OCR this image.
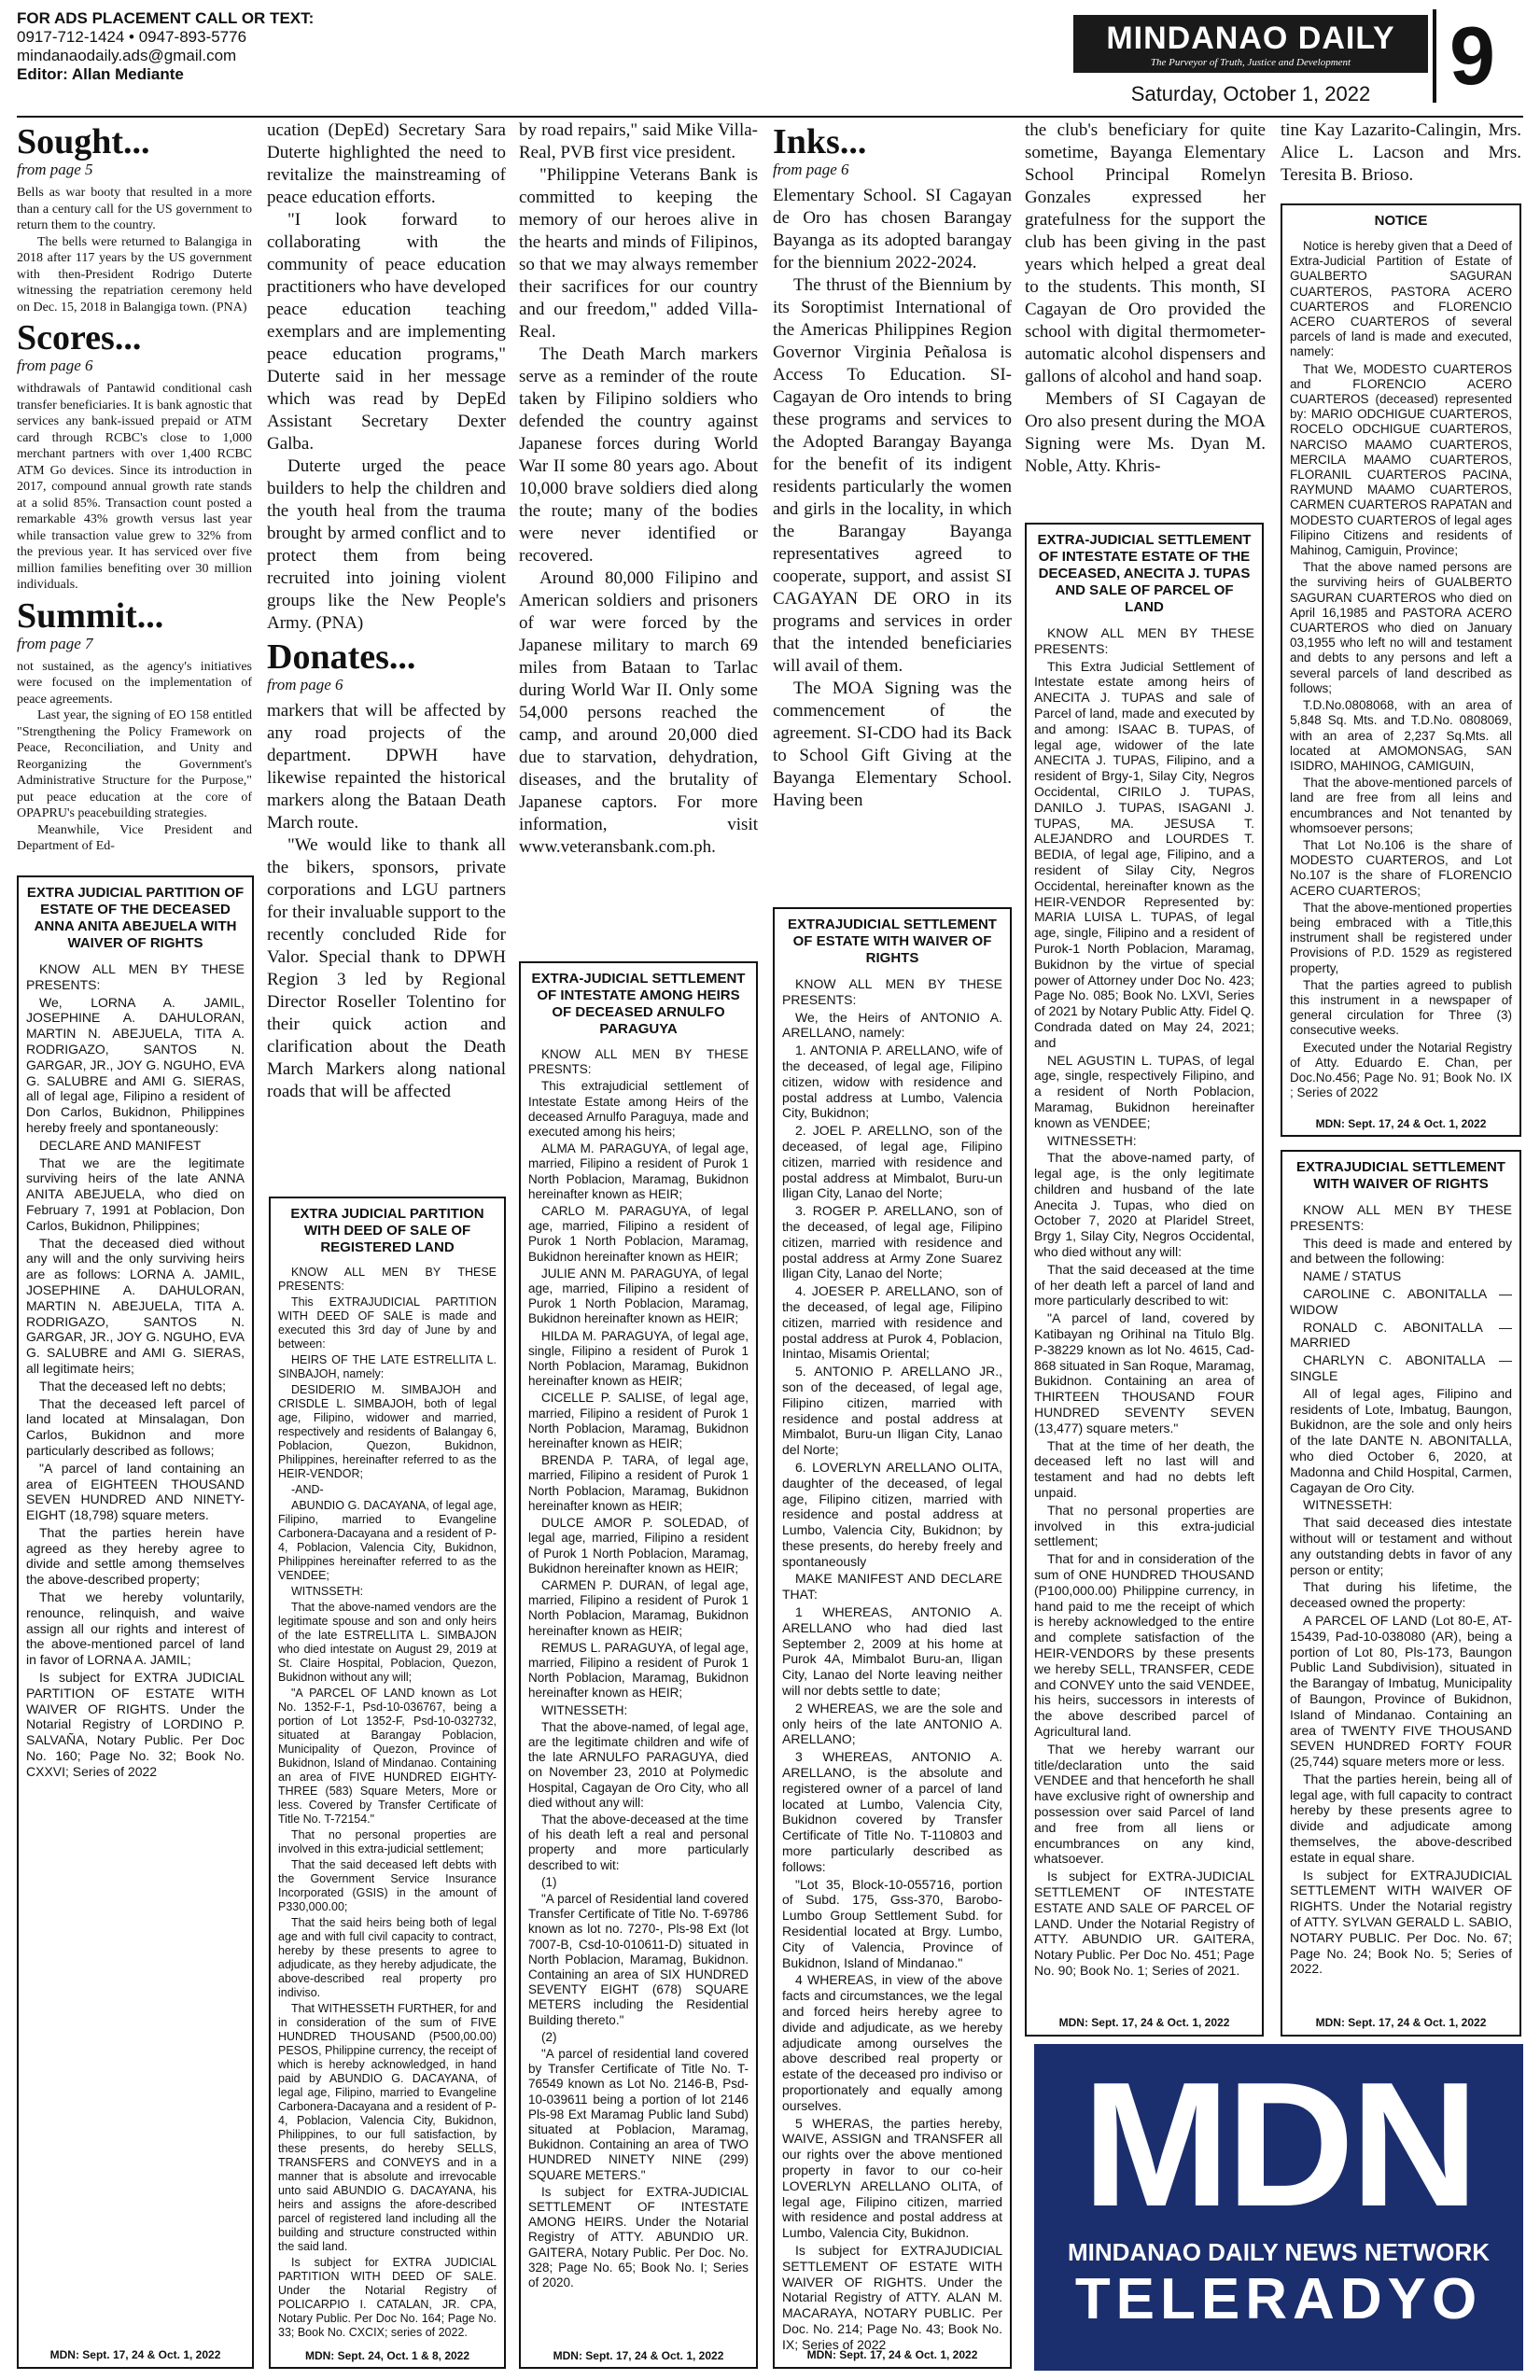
FOR ADS PLACEMENT CALL OR TEXT:
0917-712-1424 • 0947-893-5776
mindanaodaily.ads@gmail.com
Editor: Allan Mediante
MINDANAO DAILY
The Purveyor of Truth, Justice and Development
Saturday, October 1, 2022 9
Sought...
from page 5

Bells as war booty that resulted in a more than a century call for the US government to return them to the country.

The bells were returned to Balangiga in 2018 after 117 years by the US government with then-President Rodrigo Duterte witnessing the repatriation ceremony held on Dec. 15, 2018 in Balangiga town. (PNA)

Scores...
from page 6

withdrawals of Pantawid conditional cash transfer beneficiaries. It is bank agnostic that services any bank-issued prepaid or ATM card through RCBC's close to 1,000 merchant partners with over 1,400 RCBC ATM Go devices. Since its introduction in 2017, compound annual growth rate stands at a solid 85%. Transaction count posted a remarkable 43% growth versus last year while transaction value grew to 32% from the previous year. It has serviced over five million families benefiting over 30 million individuals.

Summit...
from page 7

not sustained, as the agency's initiatives were focused on the implementation of peace agreements.

Last year, the signing of EO 158 entitled "Strengthening the Policy Framework on Peace, Reconciliation, and Unity and Reorganizing the Government's Administrative Structure for the Purpose," put peace education at the core of OPAPRU's peacebuilding strategies.

Meanwhile, Vice President and Department of Ed-

ucation (DepEd) Secretary Sara Duterte highlighted the need to revitalize the mainstreaming of peace education efforts.

"I look forward to collaborating with the community of peace education practitioners who have developed peace education teaching exemplars and are implementing peace education programs," Duterte said in her message which was read by DepEd Assistant Secretary Dexter Galba.

Duterte urged the peace builders to help the children and the youth heal from the trauma brought by armed conflict and to protect them from being recruited into joining violent groups like the New People's Army. (PNA)

Donates...
from page 6

markers that will be affected by any road projects of the department. DPWH have likewise repainted the historical markers along the Bataan Death March route.

"We would like to thank all the bikers, sponsors, private corporations and LGU partners for their invaluable support to the recently concluded Ride for Valor. Special thank to DPWH Region 3 led by Regional Director Roseller Tolentino for their quick action and clarification about the Death March Markers along national roads that will be affected

by road repairs," said Mike Villa-Real, PVB first vice president.

"Philippine Veterans Bank is committed to keeping the memory of our heroes alive in the hearts and minds of Filipinos, so that we may always remember their sacrifices for our country and our freedom," added Villa-Real.

The Death March markers serve as a reminder of the route taken by Filipino soldiers who defended the country against Japanese forces during World War II some 80 years ago. About 10,000 brave soldiers died along the route; many of the bodies were never identified or recovered.

Around 80,000 Filipino and American soldiers and prisoners of war were forced by the Japanese military to march 69 miles from Bataan to Tarlac during World War II. Only some 54,000 persons reached the camp, and around 20,000 died due to starvation, dehydration, diseases, and the brutality of Japanese captors. For more information, visit www.veteransbank.com.ph.

Inks...
from page 6

Elementary School. SI Cagayan de Oro has chosen Barangay Bayanga as its adopted barangay for the biennium 2022-2024.

The thrust of the Biennium by its Soroptimist International of the Americas Philippines Region Governor Virginia Peñalosa is Access To Education. SI-Cagayan de Oro intends to bring these programs and services to the Adopted Barangay Bayanga for the benefit of its indigent residents particularly the women and girls in the locality, in which the Barangay Bayanga representatives agreed to cooperate, support, and assist SI CAGAYAN DE ORO in its programs and services in order that the intended beneficiaries will avail of them.

The MOA Signing was the commencement of the agreement. SI-CDO had its Back to School Gift Giving at the Bayanga Elementary School. Having been

the club's beneficiary for quite sometime, Bayanga Elementary School Principal Romelyn Gonzales expressed her gratefulness for the support the club has been giving in the past years which helped a great deal to the students. This month, SI Cagayan de Oro provided the school with digital thermometer-automatic alcohol dispensers and gallons of alcohol and hand soap.

Members of SI Cagayan de Oro also present during the MOA Signing were Ms. Dyan M. Noble, Atty. Khris-

tine Kay Lazarito-Calingin, Mrs. Alice L. Lacson and Mrs. Teresita B. Brioso.

EXTRA JUDICIAL PARTITION OF ESTATE OF THE DECEASED ANNA ANITA ABEJUELA WITH WAIVER OF RIGHTS

KNOW ALL MEN BY THESE PRESENTS:

We, LORNA A. JAMIL, JOSEPHINE A. DAHULORAN, MARTIN N. ABEJUELA, TITA A. RODRIGAZO, SANTOS N. GARGAR, JR., JOY G. NGUHO, EVA G. SALUBRE and AMI G. SIERAS, all of legal age, Filipino a resident of Don Carlos, Bukidnon, Philippines hereby freely and spontaneously:

DECLARE AND MANIFEST

That we are the legitimate surviving heirs of the late ANNA ANITA ABEJUELA, who died on February 7, 1991 at Poblacion, Don Carlos, Bukidnon, Philippines;

That the deceased died without any will and the only surviving heirs are as follows: LORNA A. JAMIL, JOSEPHINE A. DAHULORAN, MARTIN N. ABEJUELA, TITA A. RODRIGAZO, SANTOS N. GARGAR, JR., JOY G. NGUHO, EVA G. SALUBRE and AMI G. SIERAS, all legitimate heirs;

That the deceased left no debts;

That the deceased left parcel of land located at Minsalagan, Don Carlos, Bukidnon and more particularly described as follows;

"A parcel of land containing an area of EIGHTEEN THOUSAND SEVEN HUNDRED AND NINETY-EIGHT (18,798) square meters.

That the parties herein have agreed as they hereby agree to divide and settle among themselves the above-described property;

That we hereby voluntarily, renounce, relinquish, and waive assign all our rights and interest of the above-mentioned parcel of land in favor of LORNA A. JAMIL;

Is subject for EXTRA JUDICIAL PARTITION OF ESTATE WITH WAIVER OF RIGHTS. Under the Notarial Registry of LORDINO P. SALVAÑA, Notary Public. Per Doc No. 160; Page No. 32; Book No. CXXVI; Series of 2022

MDN: Sept. 17, 24 & Oct. 1, 2022
EXTRA JUDICIAL PARTITION WITH DEED OF SALE OF REGISTERED LAND

KNOW ALL MEN BY THESE PRESENTS:

This EXTRAJUDICIAL PARTITION WITH DEED OF SALE is made and executed this 3rd day of June by and between:

HEIRS OF THE LATE ESTRELLITA L. SINBAJOH, namely:

DESIDERIO M. SIMBAJOH and CRISDLE L. SIMBAJOH, both of legal age, Filipino, widower and married, respectively and residents of Balangay 6, Poblacion, Quezon, Bukidnon, Philippines, hereinafter referred to as the HEIR-VENDOR;

-AND-

ABUNDIO G. DACAYANA, of legal age, Filipino, married to Evangeline Carbonera-Dacayana and a resident of P-4, Poblacion, Valencia City, Bukidnon, Philippines hereinafter referred to as the VENDEE;

WITNSSETH:

That the above-named vendors are the legitimate spouse and son and only heirs of the late ESTRELLITA L. SIMBAJON who died intestate on August 29, 2019 at St. Claire Hospital, Poblacion, Quezon, Bukidnon without any will;

"A PARCEL OF LAND known as Lot No. 1352-F-1, Psd-10-036767, being a portion of Lot 1352-F, Psd-10-032732, situated at Barangay Poblacion, Municipality of Quezon, Province of Bukidnon, Island of Mindanao. Containing an area of FIVE HUNDRED EIGHTY-THREE (583) Square Meters, More or less. Covered by Transfer Certificate of Title No. T-72154."

That no personal properties are involved in this extra-judicial settlement;

That the said deceased left debts with the Government Service Insurance Incorporated (GSIS) in the amount of P330,000.00;

That the said heirs being both of legal age and with full civil capacity to contract, hereby by these presents to agree to adjudicate, as they hereby adjudicate, the above-described real property pro indiviso.

That WITHESSETH FURTHER, for and in consideration of the sum of FIVE HUNDRED THOUSAND (P500,00.00) PESOS, Philippine currency, the receipt of which is hereby acknowledged, in hand paid by ABUNDIO G. DACAYANA, of legal age, Filipino, married to Evangeline Carbonera-Dacayana and a resident of P-4, Poblacion, Valencia City, Bukidnon, Philippines, to our full satisfaction, by these presents, do hereby SELLS, TRANSFERS and CONVEYS and in a manner that is absolute and irrevocable unto said ABUNDIO G. DACAYANA, his heirs and assigns the afore-described parcel of registered land including all the building and structure constructed within the said land.

Is subject for EXTRA JUDICIAL PARTITION WITH DEED OF SALE. Under the Notarial Registry of POLICARPIO I. CATALAN, JR. CPA, Notary Public. Per Doc No. 164; Page No. 33; Book No. CXCIX; series of 2022.

MDN: Sept. 24, Oct. 1 & 8, 2022
EXTRA-JUDICIAL SETTLEMENT OF INTESTATE AMONG HEIRS OF DECEASED ARNULFO PARAGUYA

KNOW ALL MEN BY THESE PRESNTS:

This extrajudicial settlement of Intestate Estate among Heirs of the deceased Arnulfo Paraguya, made and executed among his heirs;

ALMA M. PARAGUYA, of legal age, married, Filipino a resident of Purok 1 North Poblacion, Maramag, Bukidnon hereinafter known as HEIR;

CARLO M. PARAGUYA, of legal age, married, Filipino a resident of Purok 1 North Poblacion, Maramag, Bukidnon hereinafter known as HEIR;

JULIE ANN M. PARAGUYA, of legal age, married, Filipino a resident of Purok 1 North Poblacion, Maramag, Bukidnon hereinafter known as HEIR;

HILDA M. PARAGUYA, of legal age, single, Filipino a resident of Purok 1 North Poblacion, Maramag, Bukidnon hereinafter known as HEIR;

CICELLE P. SALISE, of legal age, married, Filipino a resident of Purok 1 North Poblacion, Maramag, Bukidnon hereinafter known as HEIR;

BRENDA P. TARA, of legal age, married, Filipino a resident of Purok 1 North Poblacion, Maramag, Bukidnon hereinafter known as HEIR;

DULCE AMOR P. SOLEDAD, of legal age, married, Filipino a resident of Purok 1 North Poblacion, Maramag, Bukidnon hereinafter known as HEIR;

CARMEN P. DURAN, of legal age, married, Filipino a resident of Purok 1 North Poblacion, Maramag, Bukidnon hereinafter known as HEIR;

REMUS L. PARAGUYA, of legal age, married, Filipino a resident of Purok 1 North Poblacion, Maramag, Bukidnon hereinafter known as HEIR;

WITNESSETH:

That the above-named, of legal age, are the legitimate children and wife of the late ARNULFO PARAGUYA, died on November 23, 2010 at Polymedic Hospital, Cagayan de Oro City, who all died without any will:

That the above-deceased at the time of his death left a real and personal property and more particularly described to wit:

(1)

"A parcel of Residential land covered Transfer Certificate of Title No. T-69786 known as lot no. 7270-, Pls-98 Ext (lot 7007-B, Csd-10-010611-D) situated in North Poblacion, Maramag, Bukidnon. Containing an area of SIX HUNDRED SEVENTY EIGHT (678) SQUARE METERS including the Residential Building thereto."

(2)

"A parcel of residential land covered by Transfer Certificate of Title No. T-76549 known as Lot No. 2146-B, Psd-10-039611 being a portion of lot 2146 Pls-98 Ext Maramag Public land Subd) situated at Poblacion, Maramag, Bukidnon. Containing an area of TWO HUNDRED NINETY NINE (299) SQUARE METERS."

Is subject for EXTRA-JUDICIAL SETTLEMENT OF INTESTATE AMONG HEIRS. Under the Notarial Registry of ATTY. ABUNDIO UR. GAITERA, Notary Public. Per Doc. No. 328; Page No. 65; Book No. I; Series of 2020.

MDN: Sept. 17, 24 & Oct. 1, 2022
EXTRAJUDICIAL SETTLEMENT OF ESTATE WITH WAIVER OF RIGHTS

KNOW ALL MEN BY THESE PRESENTS:

We, the Heirs of ANTONIO A. ARELLANO, namely:

1. ANTONIA P. ARELLANO, wife of the deceased, of legal age, Filipino citizen, widow with residence and postal address at Lumbo, Valencia City, Bukidnon;

2. JOEL P. ARELLNO, son of the deceased, of legal age, Filipino citizen, married with residence and postal address at Mimbalot, Buru-un Iligan City, Lanao del Norte;

3. ROGER P. ARELLANO, son of the deceased, of legal age, Filipino citizen, married with residence and postal address at Army Zone Suarez Iligan City, Lanao del Norte;

4. JOESER P. ARELLANO, son of the deceased, of legal age, Filipino citizen, married with residence and postal address at Purok 4, Poblacion, Inintao, Misamis Oriental;

5. ANTONIO P. ARELLANO JR., son of the deceased, of legal age, Filipino citizen, married with residence and postal address at Mimbalot, Buru-un Iligan City, Lanao del Norte;

6. LOVERLYN ARELLANO OLITA, daughter of the deceased, of legal age, Filipino citizen, married with residence and postal address at Lumbo, Valencia City, Bukidnon; by these presents, do hereby freely and spontaneously

MAKE MANIFEST AND DECLARE THAT:

1 WHEREAS, ANTONIO A. ARELLANO who had died last September 2, 2009 at his home at Purok 4A, Mimbalot Buru-an, Iligan City, Lanao del Norte leaving neither will nor debts settle to date;

2 WHEREAS, we are the sole and only heirs of the late ANTONIO A. ARELLANO;

3 WHEREAS, ANTONIO A. ARELLANO, is the absolute and registered owner of a parcel of land located at Lumbo, Valencia City, Bukidnon covered by Transfer Certificate of Title No. T-110803 and more particularly described as follows:

"Lot 35, Block-10-055716, portion of Subd. 175, Gss-370, Barobo-Lumbo Group Settlement Subd. for Residential located at Brgy. Lumbo, City of Valencia, Province of Bukidnon, Island of Mindanao."

4 WHEREAS, in view of the above facts and circumstances, we the legal and forced heirs hereby agree to divide and adjudicate, as we hereby adjudicate among ourselves the above described real property or estate of the deceased pro indiviso or proportionately and equally among ourselves.

5 WHERAS, the parties hereby, WAIVE, ASSIGN and TRANSFER all our rights over the above mentioned property in favor to our co-heir LOVERLYN ARELLANO OLITA, of legal age, Filipino citizen, married with residence and postal address at Lumbo, Valencia City, Bukidnon.

Is subject for EXTRAJUDICIAL SETTLEMENT OF ESTATE WITH WAIVER OF RIGHTS. Under the Notarial Registry of ATTY. ALAN M. MACARAYA, NOTARY PUBLIC. Per Doc. No. 214; Page No. 43; Book No. IX; Series of 2022

MDN: Sept. 17, 24 & Oct. 1, 2022
EXTRA-JUDICIAL SETTLEMENT OF INTESTATE ESTATE OF THE DECEASED, ANECITA J. TUPAS AND SALE OF PARCEL OF LAND

KNOW ALL MEN BY THESE PRESENTS:

This Extra Judicial Settlement of Intestate estate among heirs of ANECITA J. TUPAS and sale of Parcel of land, made and executed by and among: ISAAC B. TUPAS, of legal age, widower of the late ANECITA J. TUPAS, Filipino, and a resident of Brgy-1, Silay City, Negros Occidental, CIRILO J. TUPAS, DANILO J. TUPAS, ISAGANI J. TUPAS, MA. JESUSA T. ALEJANDRO and LOURDES T. BEDIA, of legal age, Filipino, and a resident of Silay City, Negros Occidental, hereinafter known as the HEIR-VENDOR Represented by: MARIA LUISA L. TUPAS, of legal age, single, Filipino and a resident of Purok-1 North Poblacion, Maramag, Bukidnon by the virtue of special power of Attorney under Doc No. 423; Page No. 085; Book No. LXVI, Series of 2021 by Notary Public Atty. Fidel Q. Condrada dated on May 24, 2021; and

NEL AGUSTIN L. TUPAS, of legal age, single, respectively Filipino, and a resident of North Poblacion, Maramag, Bukidnon hereinafter known as VENDEE;

WITNESSETH:

That the above-named party, of legal age, is the only legitimate children and husband of the late Anecita J. Tupas, who died on October 7, 2020 at Plaridel Street, Brgy 1, Silay City, Negros Occidental, who died without any will:

That the said deceased at the time of her death left a parcel of land and more particularly described to wit:

"A parcel of land, covered by Katibayan ng Orihinal na Titulo Blg. P-38229 known as lot No. 4615, Cad-868 situated in San Roque, Maramag, Bukidnon. Containing an area of THIRTEEN THOUSAND FOUR HUNDRED SEVENTY SEVEN (13,477) square meters."

That at the time of her death, the deceased left no last will and testament and had no debts left unpaid.

That no personal properties are involved in this extra-judicial settlement;

That for and in consideration of the sum of ONE HUNDRED THOUSAND (P100,000.00) Philippine currency, in hand paid to me the receipt of which is hereby acknowledged to the entire and complete satisfaction of the HEIR-VENDORS by these presents we hereby SELL, TRANSFER, CEDE and CONVEY unto the said VENDEE, his heirs, successors in interests of the above described parcel of Agricultural land.

That we hereby warrant our title/declaration unto the said VENDEE and that henceforth he shall have exclusive right of ownership and possession over said Parcel of land and free from all liens or encumbrances on any kind, whatsoever.

Is subject for EXTRA-JUDICIAL SETTLEMENT OF INTESTATE ESTATE AND SALE OF PARCEL OF LAND. Under the Notarial Registry of ATTY. ABUNDIO UR. GAITERA, Notary Public. Per Doc No. 451; Page No. 90; Book No. 1; Series of 2021.

MDN: Sept. 17, 24 & Oct. 1, 2022
NOTICE

Notice is hereby given that a Deed of Extra-Judicial Partition of Estate of GUALBERTO SAGURAN CUARTEROS, PASTORA ACERO CUARTEROS and FLORENCIO ACERO CUARTEROS of several parcels of land is made and executed, namely:

That We, MODESTO CUARTEROS and FLORENCIO ACERO CUARTEROS (deceased) represented by: MARIO ODCHIGUE CUARTEROS, ROCELO ODCHIGUE CUARTEROS, NARCISO MAAMO CUARTEROS, MERCILA MAAMO CUARTEROS, FLORANIL CUARTEROS PACINA, RAYMUND MAAMO CUARTEROS, CARMEN CUARTEROS RAPATAN and MODESTO CUARTEROS of legal ages Filipino Citizens and residents of Mahinog, Camiguin, Province;

That the above named persons are the surviving heirs of GUALBERTO SAGURAN CUARTEROS who died on April 16,1985 and PASTORA ACERO CUARTEROS who died on January 03,1955 who left no will and testament and debts to any persons and left a several parcels of land described as follows;

T.D.No.0808068, with an area of 5,848 Sq. Mts. and T.D.No. 0808069, with an area of 2,237 Sq.Mts. all located at AMOMONSAG, SAN ISIDRO, MAHINOG, CAMIGUIN,

That the above-mentioned parcels of land are free from all leins and encumbrances and Not tenanted by whomsoever persons;

That Lot No.106 is the share of MODESTO CUARTEROS, and Lot No.107 is the share of FLORENCIO ACERO CUARTEROS;

That the above-mentioned properties being embraced with a Title,this instrument shall be registered under Provisions of P.D. 1529 as registered property,

That the parties agreed to publish this instrument in a newspaper of general circulation for Three (3) consecutive weeks.

Executed under the Notarial Registry of Atty. Eduardo E. Chan, per Doc.No.456; Page No. 91; Book No. IX ; Series of 2022

MDN: Sept. 17, 24 & Oct. 1, 2022
EXTRAJUDICIAL SETTLEMENT WITH WAIVER OF RIGHTS

KNOW ALL MEN BY THESE PRESENTS:

This deed is made and entered by and between the following:

NAME / STATUS

CAROLINE C. ABONITALLA — WIDOW

RONALD C. ABONITALLA — MARRIED

CHARLYN C. ABONITALLA — SINGLE

All of legal ages, Filipino and residents of Lote, Imbatug, Baungon, Bukidnon, are the sole and only heirs of the late DANTE N. ABONITALLA, who died October 6, 2020, at Madonna and Child Hospital, Carmen, Cagayan de Oro City.

WITNESSETH:

That said deceased dies intestate without will or testament and without any outstanding debts in favor of any person or entity;

That during his lifetime, the deceased owned the property:

A PARCEL OF LAND (Lot 80-E, AT-15439, Pad-10-038080 (AR), being a portion of Lot 80, Pls-173, Baungon Public Land Subdivision), situated in the Barangay of Imbatug, Municipality of Baungon, Province of Bukidnon, Island of Mindanao. Containing an area of TWENTY FIVE THOUSAND SEVEN HUNDRED FORTY FOUR (25,744) square meters more or less.

That the parties herein, being all of legal age, with full capacity to contract hereby by these presents agree to divide and adjudicate among themselves, the above-described estate in equal share.

Is subject for EXTRAJUDICIAL SETTLEMENT WITH WAIVER OF RIGHTS. Under the Notarial registry of ATTY. SYLVAN GERALD L. SABIO, NOTARY PUBLIC. Per Doc. No. 67; Page No. 24; Book No. 5; Series of 2022.

MDN: Sept. 17, 24 & Oct. 1, 2022
MDN
MINDANAO DAILY NEWS NETWORK
TELERADYO
